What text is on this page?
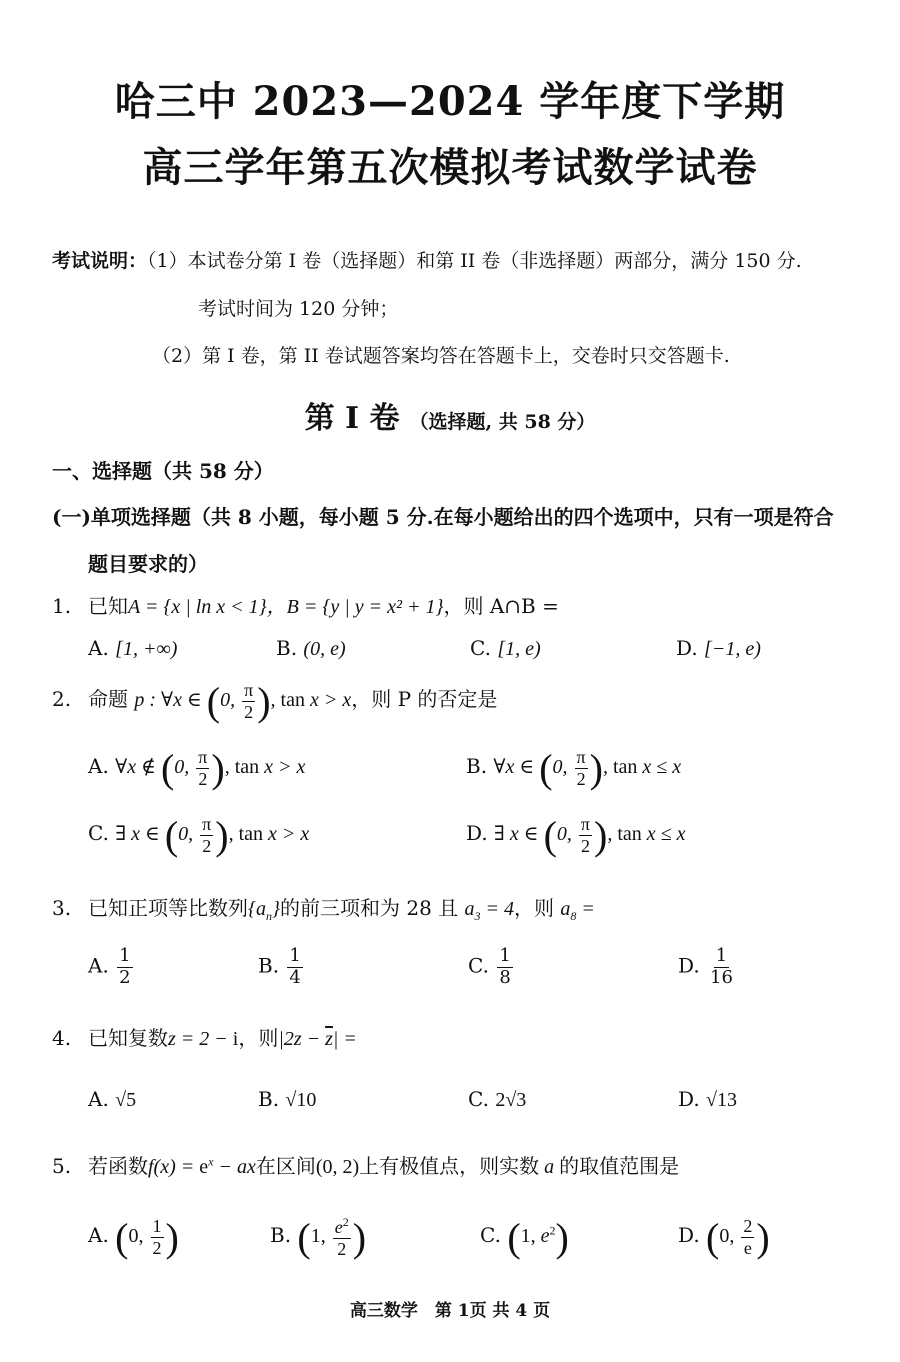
哈三中 2023—2024 学年度下学期
高三学年第五次模拟考试数学试卷
考试说明：（1）本试卷分第 I 卷（选择题）和第 II 卷（非选择题）两部分，满分 150 分.
考试时间为 120 分钟；
（2）第 I 卷，第 II 卷试题答案均答在答题卡上，交卷时只交答题卡.
第 I 卷 （选择题, 共 58 分）
一、选择题（共 58 分）
(一)单项选择题（共 8 小题，每小题 5 分.在每小题给出的四个选项中，只有一项是符合
题目要求的）
1. 已知A = {x | ln x < 1}，B = {y | y = x² + 1}，则 A∩B =
A. [1, +∞)	B. (0, e)	C. [1, e)	D. [−1, e)
2. 命题 p : ∀x ∈ (0, $\frac{\pi}{2}$ ), tan x > x，则 P 的否定是
A. ∀x ∉ (0, $\frac{\pi}{2}$ ), tan x > x	B. ∀x ∈ (0, $\frac{\pi}{2}$ ), tan x ≤ x
C. ∃ x ∈ (0, $\frac{\pi}{2}$ ), tan x > x	D. ∃ x ∈ (0, $\frac{\pi}{2}$ ), tan x ≤ x
3. 已知正项等比数列$\{a_n\}$的前三项和为 28 且 $a_3 = 4$，则 $a_8$ =
A. $\frac{1}{2}$	B. $\frac{1}{4}$	C. $\frac{1}{8}$	D. $\frac{1}{16}$
4. 已知复数z = 2 − i，则$|2z - \overline{z}|$ =
A. √5	B. √10	C. 2√3	D. √13
5. 若函数$f(x) = e^x$ − ax在区间(0, 2)上有极值点，则实数 a 的取值范围是
A. (0, $\frac{1}{2}$ )	B. (1, $\frac{e^2}{2}$ )	C. (1, $e^2$)	D. (0, $\frac{2}{e}$ )
高三数学　第 1页 共 4 页
